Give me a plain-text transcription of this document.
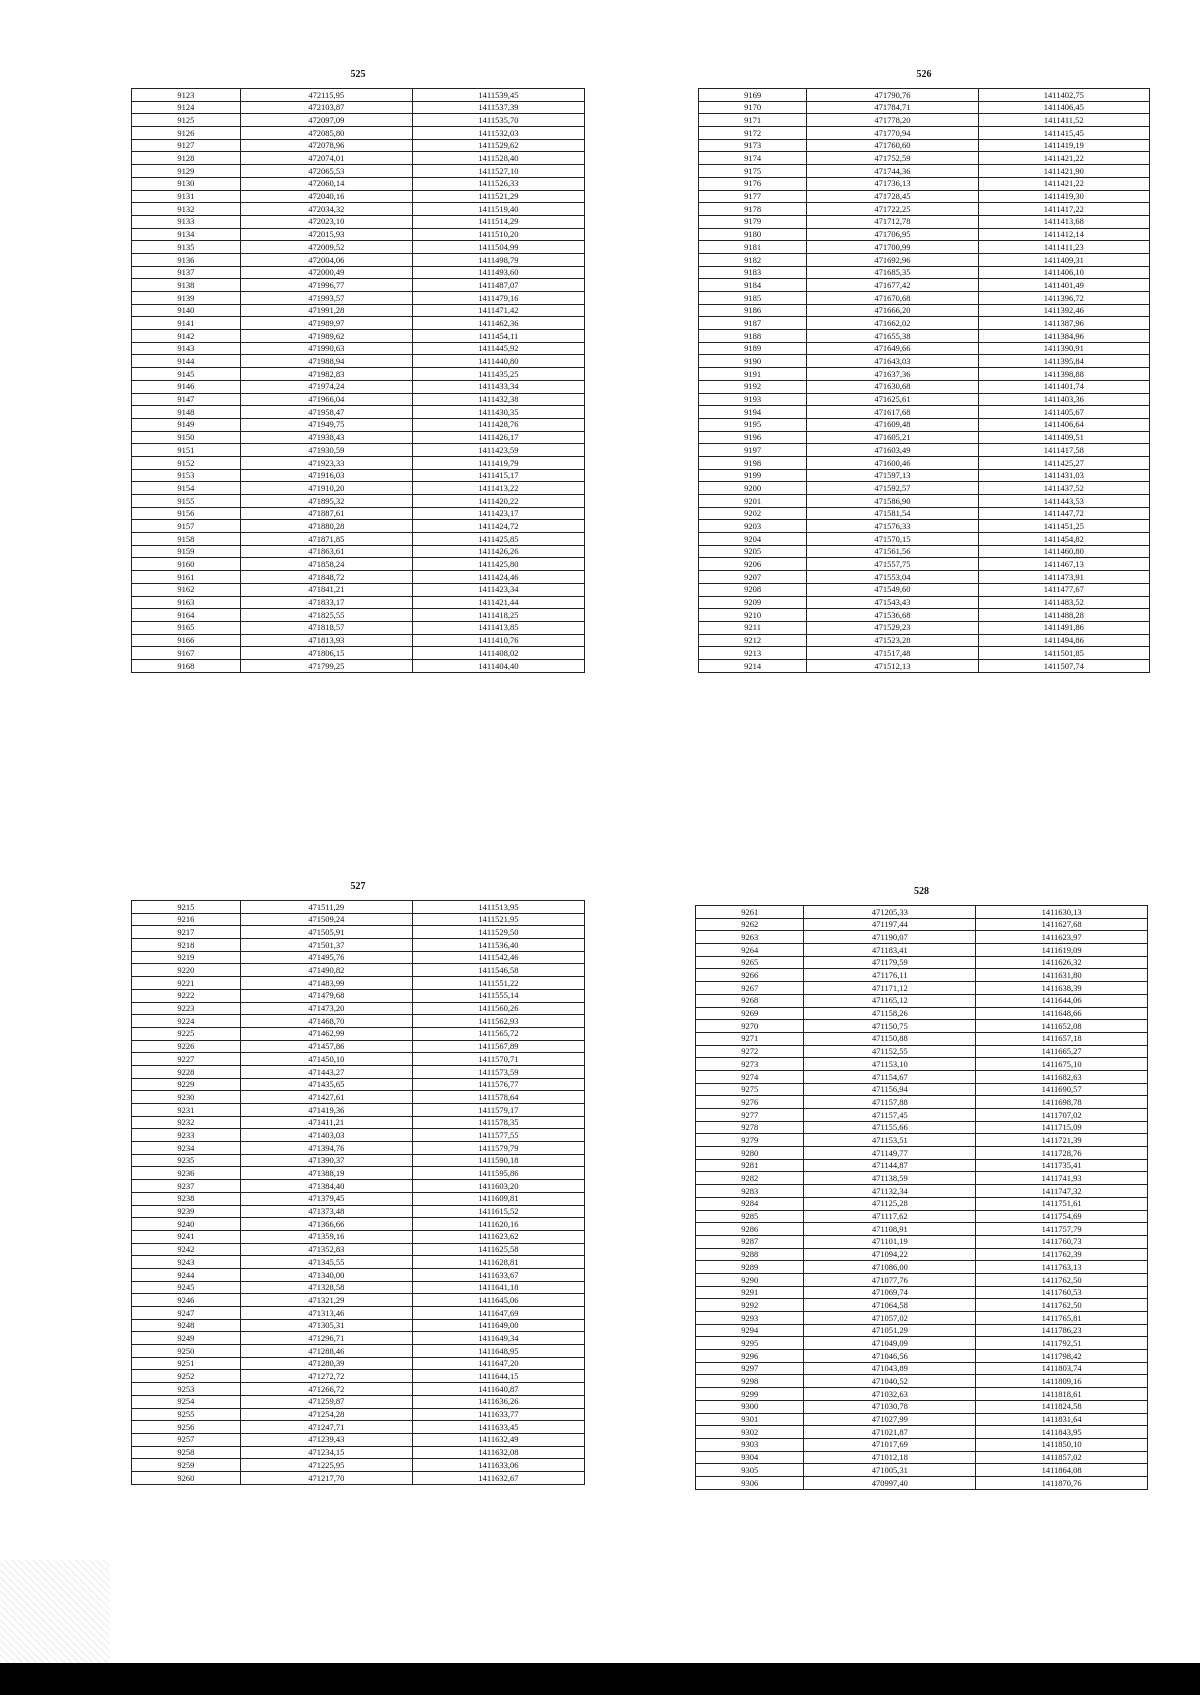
525
9123	472115,95	1411539,45
9124	472103,87	1411537,39
9125	472097,09	1411535,70
9126	472085,80	1411532,03
9127	472078,96	1411529,62
9128	472074,01	1411528,40
9129	472065,53	1411527,10
9130	472060,14	1411526,33
9131	472040,16	1411521,29
9132	472034,32	1411519,40
9133	472023,10	1411514,29
9134	472015,93	1411510,20
9135	472009,52	1411504,99
9136	472004,06	1411498,79
9137	472000,49	1411493,60
9138	471996,77	1411487,07
9139	471993,57	1411479,16
9140	471991,28	1411471,42
9141	471989,97	1411462,36
9142	471989,62	1411454,11
9143	471990,63	1411445,92
9144	471988,94	1411440,80
9145	471982,83	1411435,25
9146	471974,24	1411433,34
9147	471966,04	1411432,38
9148	471958,47	1411430,35
9149	471949,75	1411428,76
9150	471938,43	1411426,17
9151	471930,59	1411423,59
9152	471923,33	1411419,79
9153	471916,03	1411415,17
9154	471910,20	1411413,22
9155	471895,32	1411420,22
9156	471887,61	1411423,17
9157	471880,28	1411424,72
9158	471871,85	1411425,85
9159	471863,61	1411426,26
9160	471858,24	1411425,80
9161	471848,72	1411424,46
9162	471841,21	1411423,34
9163	471833,17	1411421,44
9164	471825,55	1411418,25
9165	471818,57	1411413,85
9166	471813,93	1411410,76
9167	471806,15	1411408,02
9168	471799,25	1411404,40
526
9169	471790,76	1411402,75
9170	471784,71	1411406,45
9171	471778,20	1411411,52
9172	471770,94	1411415,45
9173	471760,60	1411419,19
9174	471752,59	1411421,22
9175	471744,36	1411421,90
9176	471736,13	1411421,22
9177	471728,45	1411419,30
9178	471722,25	1411417,22
9179	471712,78	1411413,68
9180	471706,95	1411412,14
9181	471700,99	1411411,23
9182	471692,96	1411409,31
9183	471685,35	1411406,10
9184	471677,42	1411401,49
9185	471670,68	1411396,72
9186	471666,20	1411392,46
9187	471662,02	1411387,96
9188	471655,38	1411384,96
9189	471649,66	1411390,91
9190	471643,03	1411395,84
9191	471637,36	1411398,88
9192	471630,68	1411401,74
9193	471625,61	1411403,36
9194	471617,68	1411405,67
9195	471609,48	1411406,64
9196	471605,21	1411409,51
9197	471603,49	1411417,58
9198	471600,46	1411425,27
9199	471597,13	1411431,03
9200	471592,57	1411437,52
9201	471586,90	1411443,53
9202	471581,54	1411447,72
9203	471576,33	1411451,25
9204	471570,15	1411454,82
9205	471561,56	1411460,80
9206	471557,75	1411467,13
9207	471553,04	1411473,91
9208	471549,60	1411477,67
9209	471543,43	1411483,52
9210	471536,68	1411488,28
9211	471529,23	1411491,86
9212	471523,28	1411494,86
9213	471517,48	1411501,85
9214	471512,13	1411507,74
527
9215	471511,29	1411513,95
9216	471509,24	1411521,95
9217	471505,91	1411529,50
9218	471501,37	1411536,40
9219	471495,76	1411542,46
9220	471490,82	1411546,58
9221	471483,99	1411551,22
9222	471479,68	1411555,14
9223	471473,20	1411560,26
9224	471468,70	1411562,93
9225	471462,99	1411565,72
9226	471457,86	1411567,89
9227	471450,10	1411570,71
9228	471443,27	1411573,59
9229	471435,65	1411576,77
9230	471427,61	1411578,64
9231	471419,36	1411579,17
9232	471411,21	1411578,35
9233	471403,03	1411577,55
9234	471394,76	1411579,79
9235	471390,37	1411590,18
9236	471388,19	1411595,86
9237	471384,40	1411603,20
9238	471379,45	1411609,81
9239	471373,48	1411615,52
9240	471366,66	1411620,16
9241	471359,16	1411623,62
9242	471352,83	1411625,58
9243	471345,55	1411628,81
9244	471340,00	1411633,67
9245	471328,58	1411641,18
9246	471321,29	1411645,06
9247	471313,46	1411647,69
9248	471305,31	1411649,00
9249	471296,71	1411649,34
9250	471288,46	1411648,95
9251	471280,39	1411647,20
9252	471272,72	1411644,15
9253	471266,72	1411640,87
9254	471259,87	1411636,26
9255	471254,28	1411633,77
9256	471247,71	1411633,45
9257	471239,43	1411632,49
9258	471234,15	1411632,08
9259	471225,95	1411633,06
9260	471217,70	1411632,67
528
9261	471205,33	1411630,13
9262	471197,44	1411627,68
9263	471190,07	1411623,97
9264	471183,41	1411619,09
9265	471179,59	1411626,32
9266	471176,11	1411631,80
9267	471171,12	1411638,39
9268	471165,12	1411644,06
9269	471158,26	1411648,66
9270	471150,75	1411652,08
9271	471150,88	1411657,18
9272	471152,55	1411665,27
9273	471153,10	1411675,10
9274	471154,67	1411682,63
9275	471156,94	1411690,57
9276	471157,88	1411698,78
9277	471157,45	1411707,02
9278	471155,66	1411715,09
9279	471153,51	1411721,39
9280	471149,77	1411728,76
9281	471144,87	1411735,41
9282	471138,59	1411741,93
9283	471132,34	1411747,32
9284	471125,28	1411751,61
9285	471117,62	1411754,69
9286	471108,91	1411757,79
9287	471101,19	1411760,73
9288	471094,22	1411762,39
9289	471086,00	1411763,13
9290	471077,76	1411762,50
9291	471069,74	1411760,53
9292	471064,58	1411762,50
9293	471057,02	1411765,81
9294	471051,29	1411786,23
9295	471049,09	1411792,51
9296	471046,56	1411798,42
9297	471043,89	1411803,74
9298	471040,52	1411809,16
9299	471032,63	1411818,61
9300	471030,78	1411824,58
9301	471027,99	1411831,64
9302	471021,87	1411843,95
9303	471017,69	1411850,10
9304	471012,18	1411857,02
9305	471005,31	1411864,08
9306	470997,40	1411870,76
